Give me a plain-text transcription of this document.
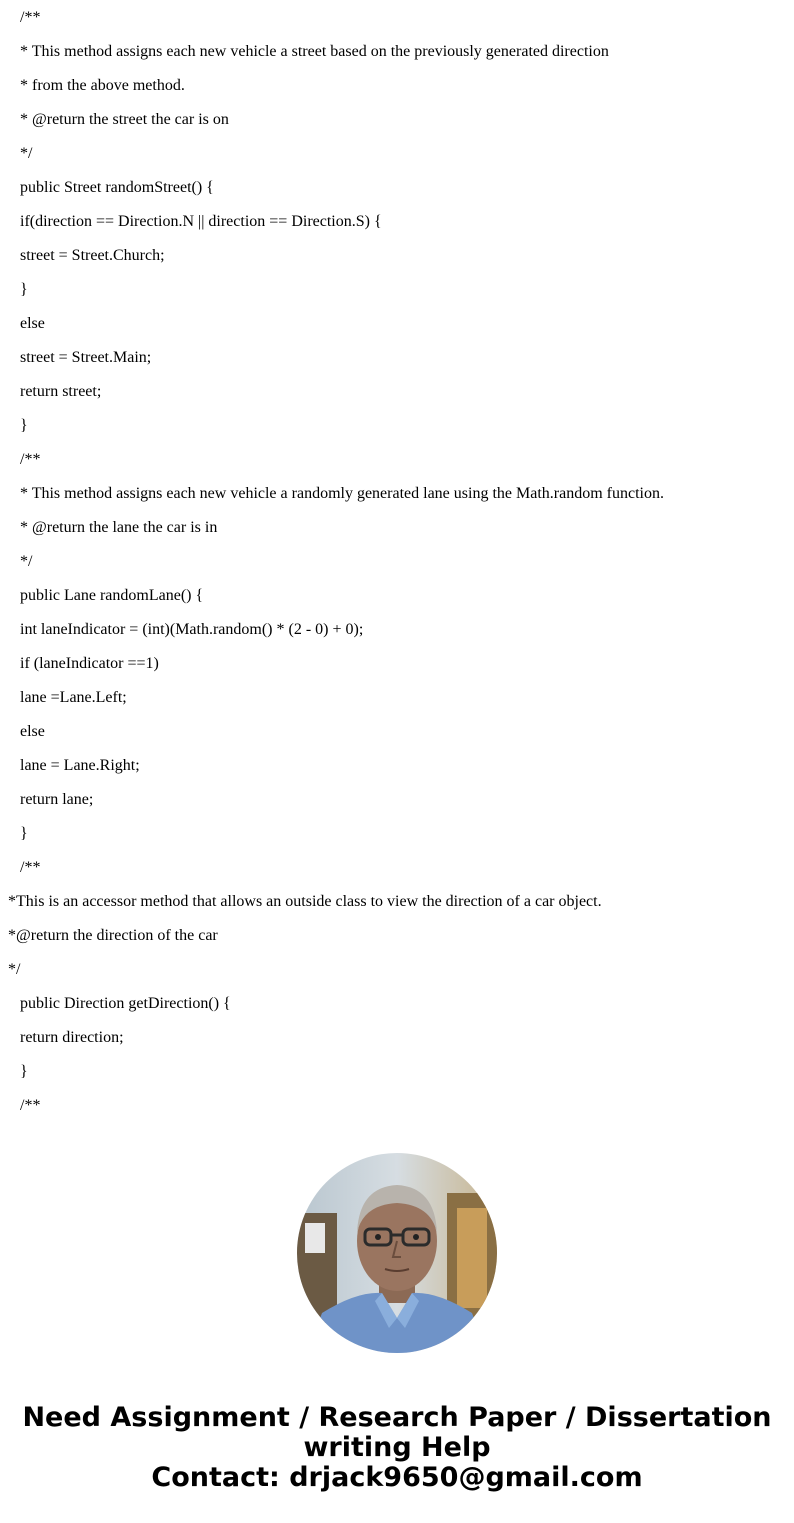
/**
* This method assigns each new vehicle a street based on the previously generated direction
* from the above method.
* @return the street the car is on
*/
public Street randomStreet() {
if(direction == Direction.N || direction == Direction.S) {
street = Street.Church;
}
else
street = Street.Main;
return street;
}
/**
* This method assigns each new vehicle a randomly generated lane using the Math.random function.
* @return the lane the car is in
*/
public Lane randomLane() {
int laneIndicator = (int)(Math.random() * (2 - 0) + 0);
if (laneIndicator ==1)
lane =Lane.Left;
else
lane = Lane.Right;
return lane;
}
/**
*This is an accessor method that allows an outside class to view the direction of a car object.
*@return the direction of the car
*/
public Direction getDirection() {
return direction;
}
/**
Need Assignment / Research Paper / Dissertation
writing Help
Contact: drjack9650@gmail.com
